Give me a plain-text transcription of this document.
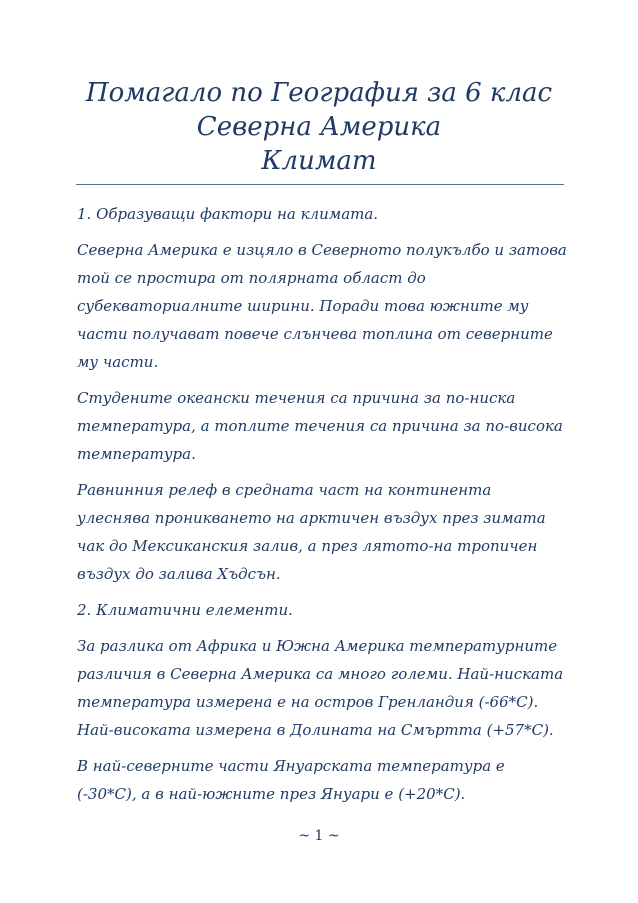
Помагало по География за 6 клас
Северна Америка
Климат

1. Образуващи фактори на климата.

Северна Америка е изцяло в Северното полукълбо и затова той се простира от полярната област до субекваториалните ширини. Поради това южните му части получават повече слънчева топлина от северните му части.

Студените океански течения са причина за по-ниска температура, а топлите течения са причина за по-висока температура.

Равнинния релеф в средната част на континента улеснява проникването на арктичен въздух през зимата чак до Мексиканския залив, а през лятото-на тропичен въздух до залива Хъдсън.

2. Климатични елементи.

За разлика от Африка и Южна Америка температурните различия в Северна Америка са много големи. Най-ниската температура измерена е на остров Гренландия (-66*С). Най-високата измерена в Долината на Смъртта (+57*С).

В най-северните части Януарската температура е (-30*С), а в най-южните през Януари е (+20*С).

~ 1 ~
